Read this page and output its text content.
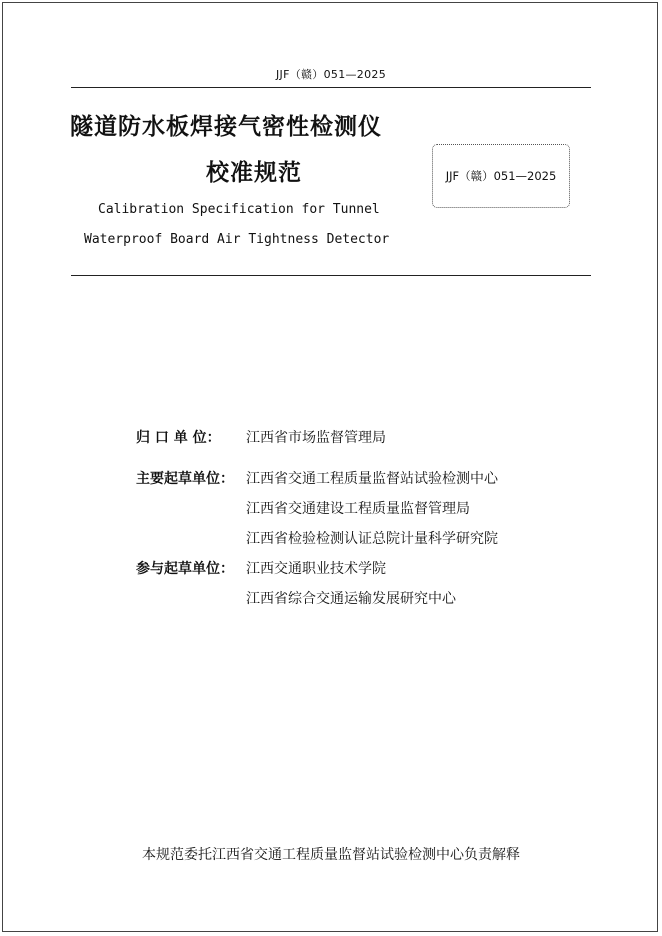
JJF（赣）051—2025
隧道防水板焊接气密性检测仪
校准规范
Calibration Specification for Tunnel
Waterproof Board Air Tightness Detector
JJF（赣）051—2025
归 口 单 位：	江西省市场监督管理局
主要起草单位： 江西省交通工程质量监督站试验检测中心
江西省交通建设工程质量监督管理局
江西省检验检测认证总院计量科学研究院
参与起草单位： 江西交通职业技术学院
江西省综合交通运输发展研究中心
本规范委托江西省交通工程质量监督站试验检测中心负责解释
